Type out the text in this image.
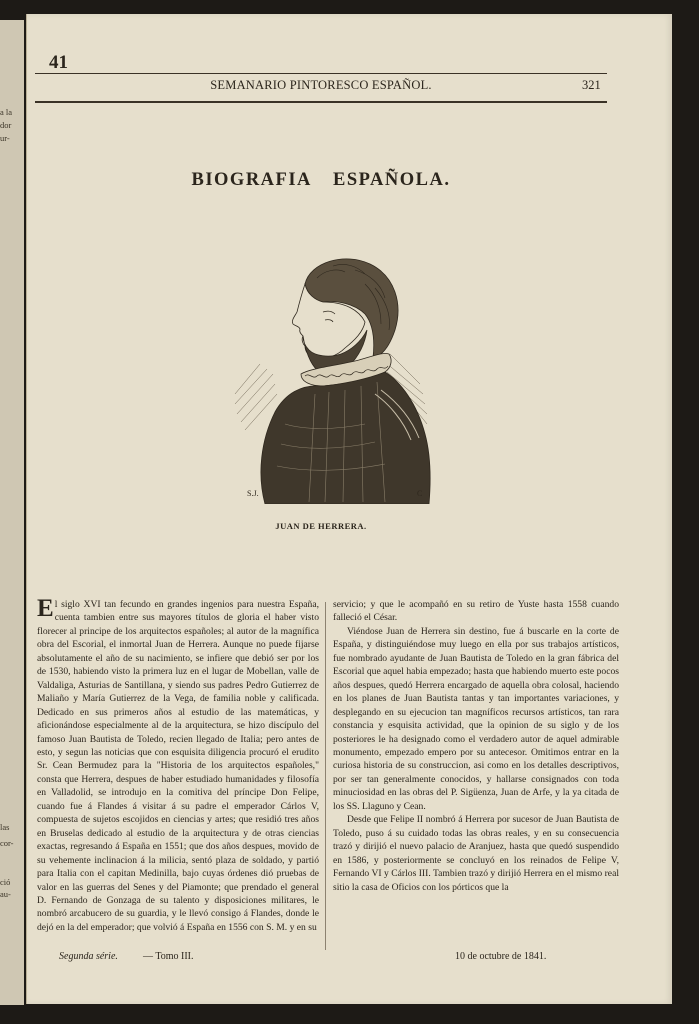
a la
dor
ur-
las
cor-
ció
au-
41
SEMANARIO PINTORESCO ESPAÑOL.	321
BIOGRAFIA ESPAÑOLA.
S.J.	C
JUAN DE HERRERA.

El siglo XVI tan fecundo en grandes ingenios para nuestra España, cuenta tambien entre sus mayores títulos de gloria el haber visto florecer al principe de los arquitectos españoles; al autor de la magnífica obra del Escorial, el inmortal Juan de Herrera. Aunque no puede fijarse absolutamente el año de su nacimiento, se infiere que debió ser por los de 1530, habiendo visto la primera luz en el lugar de Mobellan, valle de Valdaliga, Asturias de Santillana, y siendo sus padres Pedro Gutierrez de Maliaño y María Gutierrez de la Vega, de familia noble y calificada. Dedicado en sus primeros años al estudio de las matemáticas, y aficionándose especialmente al de la arquitectura, se hizo discípulo del famoso Juan Bautista de Toledo, recien llegado de Italia; pero antes de esto, y segun las noticias que con esquisita diligencia procuró el erudito Sr. Cean Bermudez para la "Historia de los arquitectos españoles," consta que Herrera, despues de haber estudiado humanidades y filosofía en Valladolid, se introdujo en la comitiva del príncipe Don Felipe, cuando fue á Flandes á visitar á su padre el emperador Cárlos V, compuesta de sujetos escojidos en ciencias y artes; que residió tres años en Bruselas dedicado al estudio de la arquitectura y de otras ciencias exactas, regresando á España en 1551; que dos años despues, movido de su vehemente inclinacion á la milicia, sentó plaza de soldado, y partió para Italia con el capitan Medinilla, bajo cuyas órdenes dió pruebas de valor en las guerras del Senes y del Piamonte; que prendado el general D. Fernando de Gonzaga de su talento y disposiciones militares, le nombró arcabucero de su guardia, y le llevó consigo á Flandes, donde le dejó en la del emperador; que volvió á España en 1556 con S. M. y en su

servicio; y que le acompañó en su retiro de Yuste hasta 1558 cuando falleció el César.

Viéndose Juan de Herrera sin destino, fue á buscarle en la corte de España, y distinguiéndose muy luego en ella por sus trabajos artísticos, fue nombrado ayudante de Juan Bautista de Toledo en la gran fábrica del Escorial que aquel habia empezado; hasta que habiendo muerto este pocos años despues, quedó Herrera encargado de aquella obra colosal, haciendo en los planes de Juan Bautista tantas y tan importantes variaciones, y desplegando en su ejecucion tan magníficos recursos artísticos, tan rara constancia y esquisita actividad, que la opinion de su siglo y de los posteriores le ha designado como el verdadero autor de aquel admirable monumento, empezado empero por su antecesor. Omitimos entrar en la curiosa historia de su construccion, asi como en los detalles descriptivos, por ser tan generalmente conocidos, y hallarse consignados con toda minuciosidad en las obras del P. Sigüenza, Juan de Arfe, y la ya citada de los SS. Llaguno y Cean.

Desde que Felipe II nombró á Herrera por sucesor de Juan Bautista de Toledo, puso á su cuidado todas las obras reales, y en su consecuencia trazó y dirijió el nuevo palacio de Aranjuez, hasta que quedó suspendido en 1586, y posteriormente se concluyó en los reinados de Felipe V, Fernando VI y Cárlos III. Tambien trazó y dirijió Herrera en el mismo real sitio la casa de Oficios con los pórticos que la

Segunda série.	— Tomo III.	10 de octubre de 1841.
